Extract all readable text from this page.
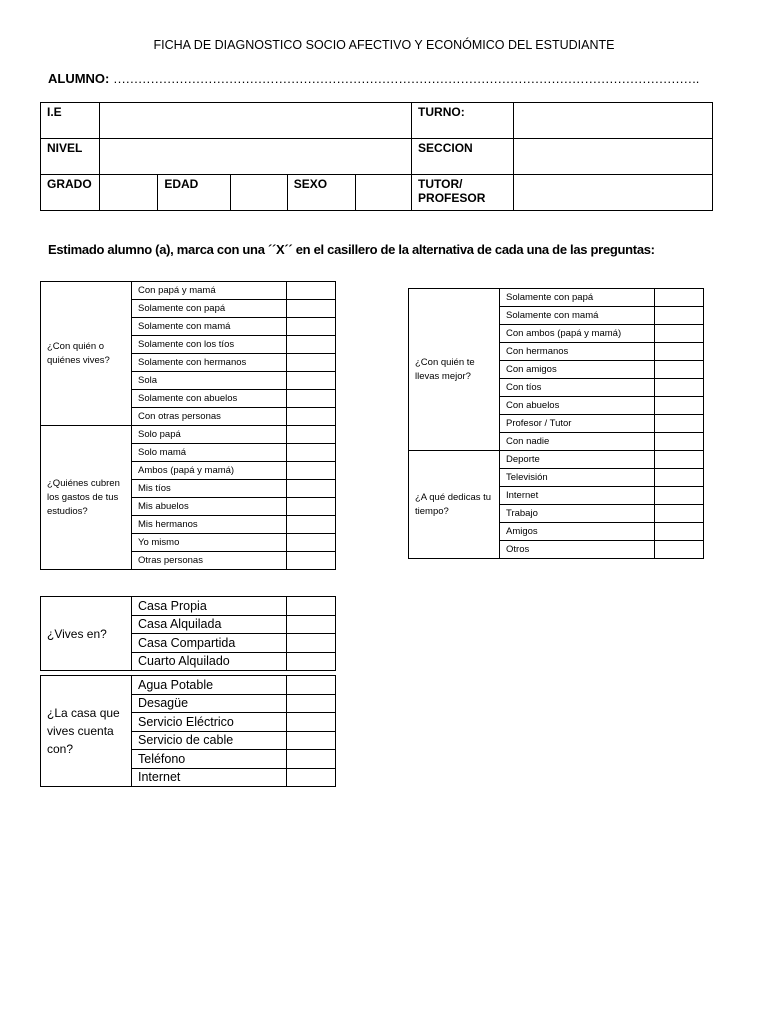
FICHA DE DIAGNOSTICO SOCIO AFECTIVO Y ECONÓMICO DEL ESTUDIANTE
ALUMNO: …………………………………………………………………………………………………………………………….
I.E						TURNO:	
NIVEL						SECCION	
GRADO		EDAD		SEXO		TUTOR/
PROFESOR	
Estimado alumno (a), marca con una ´´X´´ en el casillero de la alternativa de cada una de las preguntas:
¿Con quién o quiénes vives?	Con papá y mamá	
	Solamente con papá	
	Solamente con mamá	
	Solamente con los tíos	
	Solamente con hermanos	
	Sola	
	Solamente con abuelos	
	Con otras personas	
¿Quiénes cubren los gastos de tus estudios?	Solo papá	
	Solo mamá	
	Ambos (papá y mamá)	
	Mis tíos	
	Mis abuelos	
	Mis hermanos	
	Yo mismo	
	Otras personas	
¿Con quién te llevas mejor?	Solamente con papá	
	Solamente con mamá	
	Con ambos (papá y mamá)	
	Con hermanos	
	Con amigos	
	Con tíos	
	Con abuelos	
	Profesor / Tutor	
	Con nadie	
¿A qué dedicas tu tiempo?	Deporte	
	Televisión	
	Internet	
	Trabajo	
	Amigos	
	Otros	
¿Vives en?	Casa Propia	
	Casa Alquilada	
	Casa Compartida	
	Cuarto Alquilado	

¿La casa que vives cuenta con?	Agua Potable	
	Desagüe	
	Servicio Eléctrico	
	Servicio de cable	
	Teléfono	
	Internet	
